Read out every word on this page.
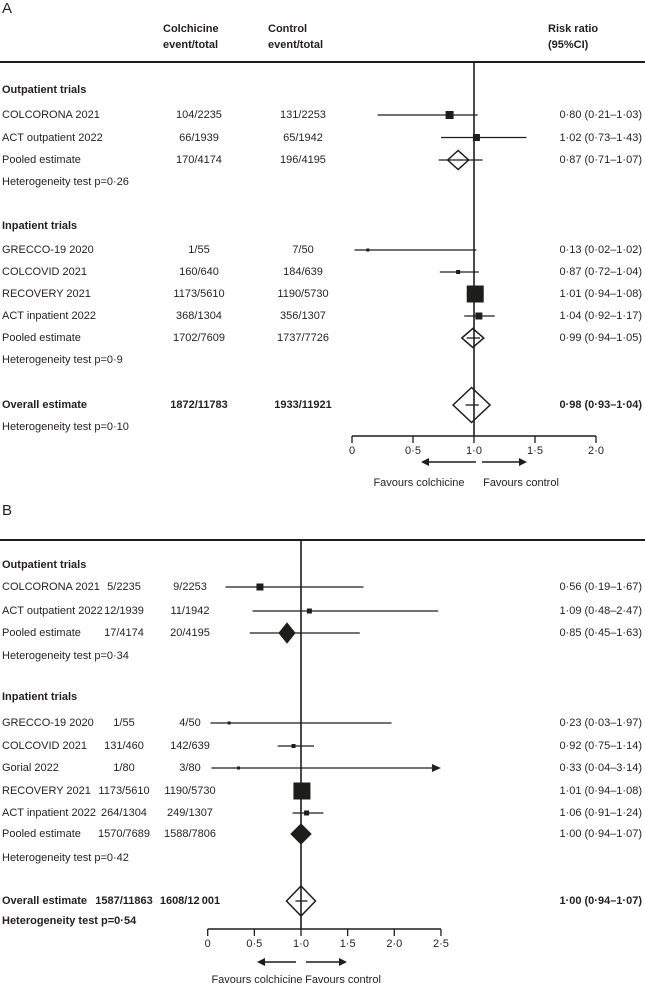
A
Colchicine
event/total
Control
event/total
Risk ratio
(95%CI)
0	0·5	1·0	1·5	2·0
Favours colchicine	Favours control
Outpatient trials
COLCORONA 2021	104/2235	131/2253	0·80 (0·21–1·03)
ACT outpatient 2022	66/1939	65/1942	1·02 (0·73–1·43)
Pooled estimate	170/4174	196/4195	0·87 (0·71–1·07)
Heterogeneity test p=0·26
Inpatient trials
GRECCO-19 2020	1/55	7/50	0·13 (0·02–1·02)
COLCOVID 2021	160/640	184/639	0·87 (0·72–1·04)
RECOVERY 2021	1173/5610	1190/5730	1·01 (0·94–1·08)
ACT inpatient 2022	368/1304	356/1307	1·04 (0·92–1·17)
Pooled estimate	1702/7609	1737/7726	0·99 (0·94–1·05)
Heterogeneity test p=0·9
Overall estimate	1872/11783	1933/11921	0·98 (0·93–1·04)
Heterogeneity test p=0·10
B
0	0·5	1·0	1·5	2·0	2·5
Favours colchicine Favours control
Outpatient trials
COLCORONA 2021 5/2235	9/2253	0·56 (0·19–1·67)
ACT outpatient 2022 12/1939	11/1942	1·09 (0·48–2·47)
Pooled estimate	17/4174	20/4195	0·85 (0·45–1·63)
Heterogeneity test p=0·34
Inpatient trials
GRECCO-19 2020	1/55	4/50	0·23 (0·03–1·97)
COLCOVID 2021	131/460	142/639	0·92 (0·75–1·14)
Gorial 2022	1/80	3/80	0·33 (0·04–3·14)
RECOVERY 2021 1173/5610	1190/5730	1·01 (0·94–1·08)
ACT inpatient 2022 264/1304	249/1307	1·06 (0·91–1·24)
Pooled estimate	1570/7689	1588/7806	1·00 (0·94–1·07)
Heterogeneity test p=0·42
Overall estimate 1587/11863 1608/12 001	1·00 (0·94–1·07)
Heterogeneity test p=0·54
